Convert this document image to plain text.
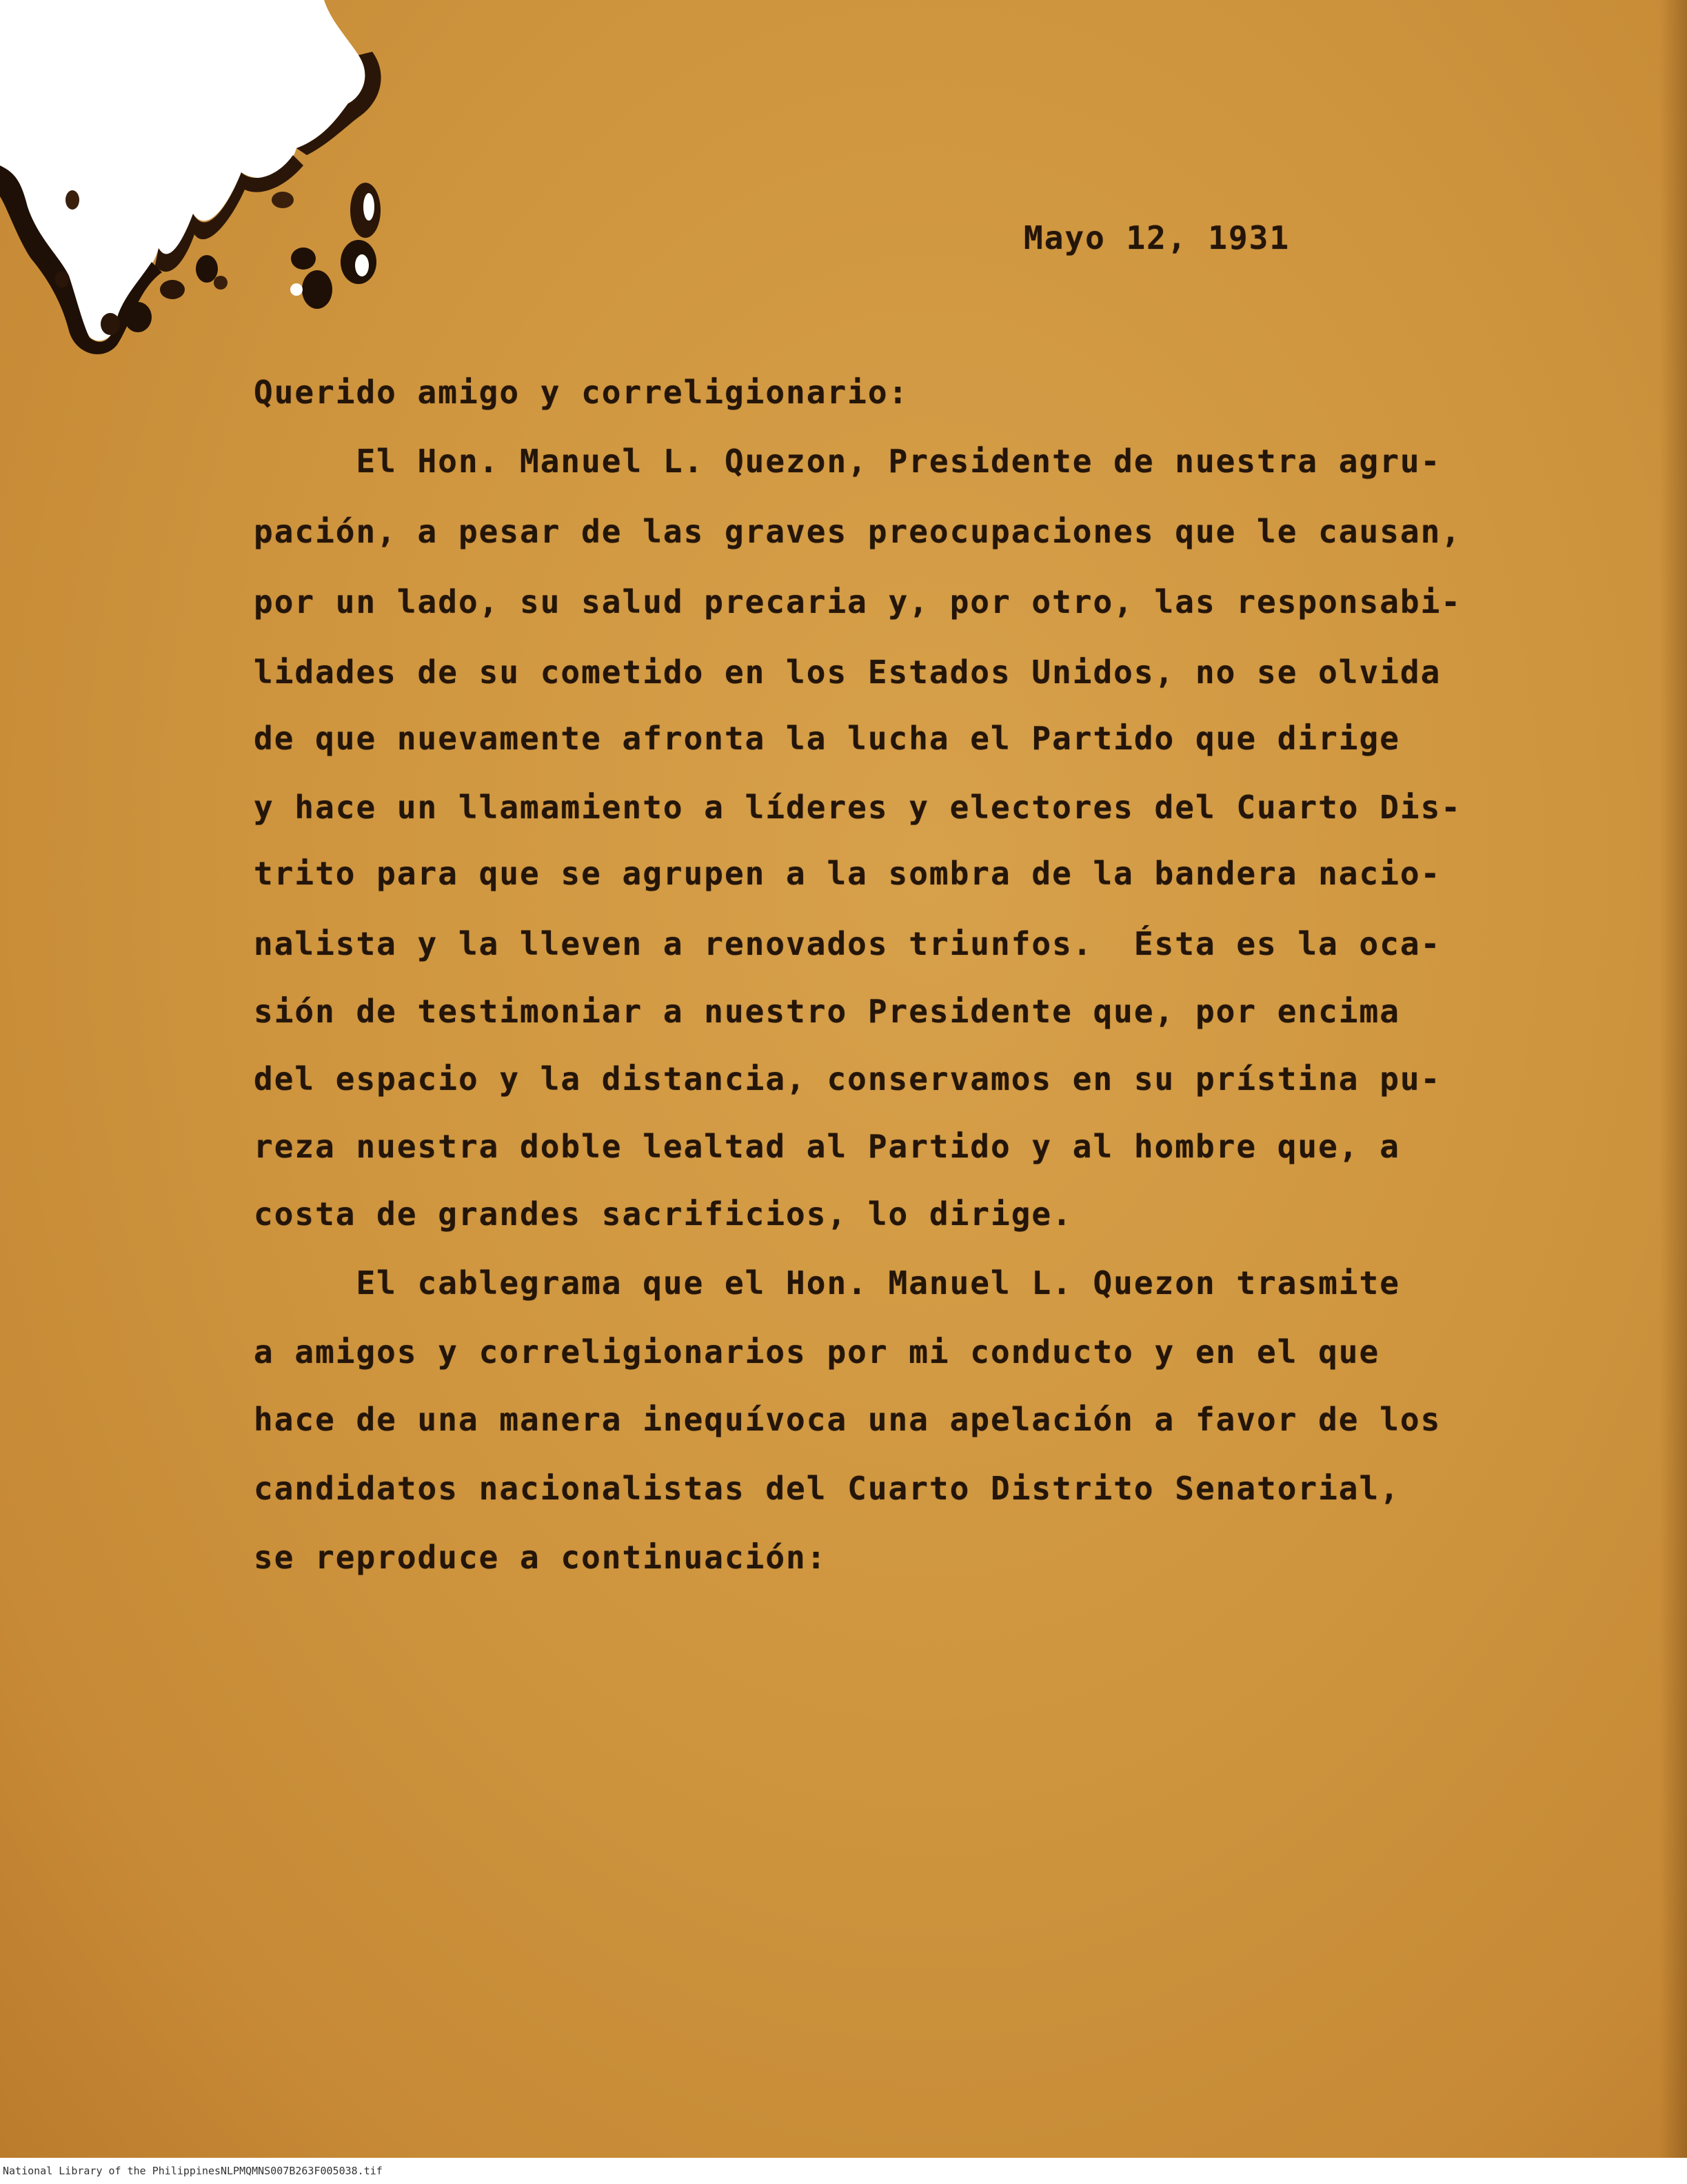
Mayo 12, 1931

Querido amigo y correligionario:

El Hon. Manuel L. Quezon, Presidente de nuestra agru-

pación, a pesar de las graves preocupaciones que le causan,

por un lado, su salud precaria y, por otro, las responsabi-

lidades de su cometido en los Estados Unidos, no se olvida

de que nuevamente afronta la lucha el Partido que dirige

y hace un llamamiento a líderes y electores del Cuarto Dis-

trito para que se agrupen a la sombra de la bandera nacio-

nalista y la lleven a renovados triunfos.  Ésta es la oca-

sión de testimoniar a nuestro Presidente que, por encima

del espacio y la distancia, conservamos en su prístina pu-

reza nuestra doble lealtad al Partido y al hombre que, a

costa de grandes sacrificios, lo dirige.

El cablegrama que el Hon. Manuel L. Quezon trasmite

a amigos y correligionarios por mi conducto y en el que

hace de una manera inequívoca una apelación a favor de los

candidatos nacionalistas del Cuarto Distrito Senatorial,

se reproduce a continuación:

National Library of the Philippines NLPMQMNS007B263F005038.tif
